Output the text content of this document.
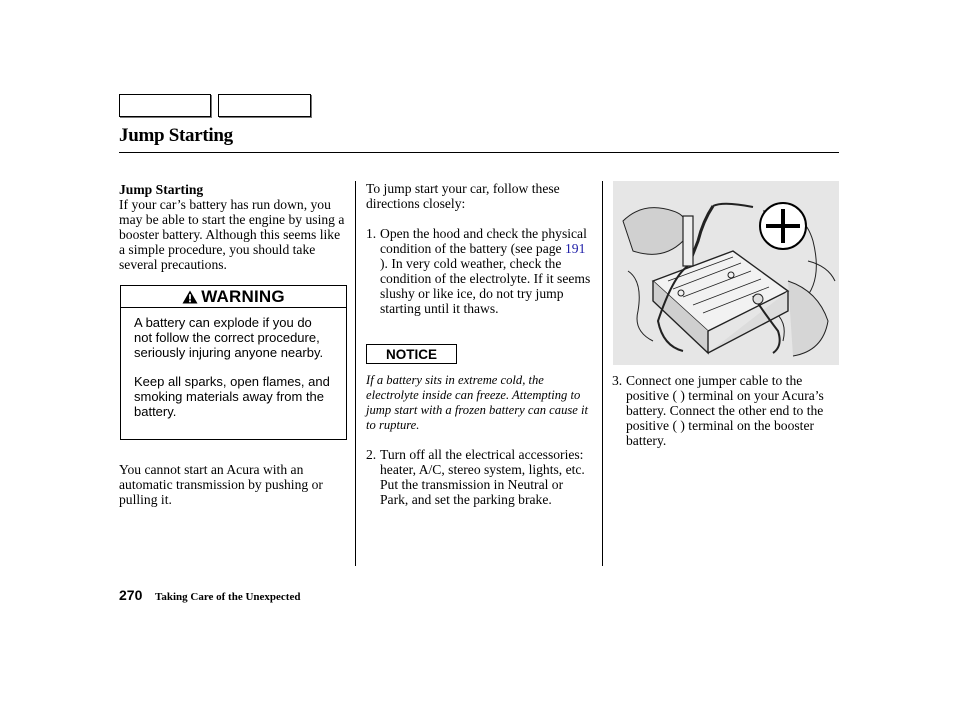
Jump Starting

Jump Starting

If your car’s battery has run down, you may be able to start the engine by using a booster battery. Although this seems like a simple procedure, you should take several precautions.

WARNING

A battery can explode if you do not follow the correct procedure, seriously injuring anyone nearby.

Keep all sparks, open flames, and smoking materials away from the battery.

You cannot start an Acura with an automatic transmission by pushing or pulling it.
To jump start your car, follow these directions closely:
1. Open the hood and check the physical condition of the battery (see page 191 ). In very cold weather, check the condition of the electrolyte. If it seems slushy or like ice, do not try jump starting until it thaws.
NOTICE
If a battery sits in extreme cold, the electrolyte inside can freeze. Attempting to jump start with a frozen battery can cause it to rupture.
2. Turn off all the electrical accessories: heater, A/C, stereo system, lights, etc.

Put the transmission in Neutral or Park, and set the parking brake.

3. Connect one jumper cable to the positive ( ) terminal on your Acura’s battery. Connect the other end to the positive ( ) terminal on the booster battery.
270 Taking Care of the Unexpected
